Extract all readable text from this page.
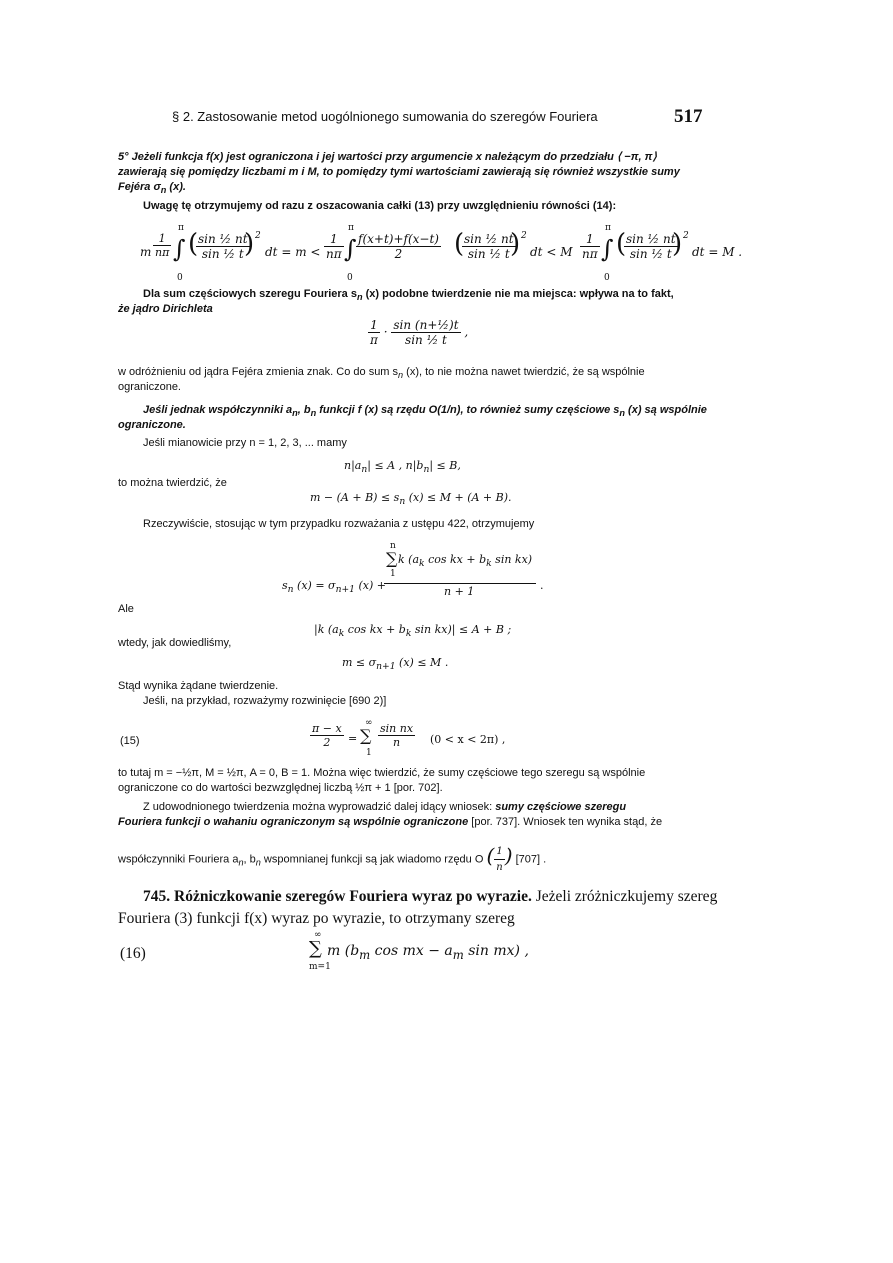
§ 2. Zastosowanie metod uogólnionego sumowania do szeregów Fouriera	517
5° Jeżeli funkcja f(x) jest ograniczona i jej wartości przy argumencie x należącym do przedziału ⟨ −π, π⟩ zawierają się pomiędzy liczbami m i M, to pomiędzy tymi wartościami zawierają się również wszystkie sumy Fejéra $\sigma_n$ (x).
Uwagę tę otrzymujemy od razu z oszacowania całki (13) przy uwzględnieniu równości (14):
m $\frac{1}{n\pi}$ ∫
π
0
(
$\frac{\text{sin ½ nt}}{\text{sin ½ t}}$
) 2
dt = $m < \frac{1}{n\pi}$ ∫
π
0
$\frac{f(x+t)+f(x-t)}{2}$ (
$\frac{\text{sin ½ nt}}{\text{sin ½ t}}$
) 2
dt < M $\frac{1}{n\pi}$ ∫
π
0
(
$\frac{\text{sin ½ nt}}{\text{sin ½ t}}$
) 2
dt = M .
Dla sum częściowych szeregu Fouriera $s_n$ (x) podobne twierdzenie nie ma miejsca: wpływa na to fakt,
że jądro Dirichleta
$\frac{1}{\pi} \cdot \frac{\text{sin (n+½)t}}{\text{sin ½ t}}$ ,
w odróżnieniu od jądra Fejéra zmienia znak. Co do sum $s_n$ (x), to nie można nawet twierdzić, że są wspólnie
ograniczone.
Jeśli jednak współczynniki $a_n$, $b_n$ funkcji f (x) są rzędu O(1/n), to również sumy częściowe $s_n$ (x) są wspólnie
ograniczone.
Jeśli mianowicie przy n = 1, 2, 3, ... mamy
$n|a_n| \le A$ , $n|b_n| \le B$,
to można twierdzić, że
$m - (A + B) \le s_n$ (x) ≤ M + (A + B).
Rzeczywiście, stosując w tym przypadku rozważania z ustępu 422, otrzymujemy
n
$s_n$ $(x) = \sigma_{n+1}$ (x) +
∑ k ($a_k$ cos kx + $b_k$ sin kx)
1
n + 1	.
Ale
|k ($a_k$ cos kx + $b_k$ sin kx)| ≤ A + B ;
wtedy, jak dowiedliśmy,
$m \le \sigma_{n+1}$ (x) ≤ M .
Stąd wynika żądane twierdzenie.
Jeśli, na przykład, rozważymy rozwinięcie [690 2)]
(15)	$\frac{\pi - x}{2}$ =
∞
∑
1
$\frac{\text{sin nx}}{n} (0 < x < 2\pi)$ ,
to tutaj m = −½π, M = ½π, A = 0, B = 1. Można więc twierdzić, że sumy częściowe tego szeregu są wspólnie
ograniczone co do wartości bezwzględnej liczbą ½π + 1 [por. 702].
Z udowodnionego twierdzenia można wyprowadzić dalej idący wniosek: sumy częściowe szeregu
Fouriera funkcji o wahaniu ograniczonym są wspólnie ograniczone [por. 737]. Wniosek ten wynika stąd, że
współczynniki Fouriera $a_n$, $b_n$ wspomnianej funkcji są jak wiadomo rzędu O ( $\frac{1}{n}$ ) [707] .
745. Różniczkowanie szeregów Fouriera wyraz po wyrazie. Jeżeli zróżniczkujemy szereg
Fouriera (3) funkcji f(x) wyraz po wyrazie, to otrzymany szereg
(16)
∞
∑
m=1
m ($b_m$ cos mx − $a_m$ sin mx) ,
